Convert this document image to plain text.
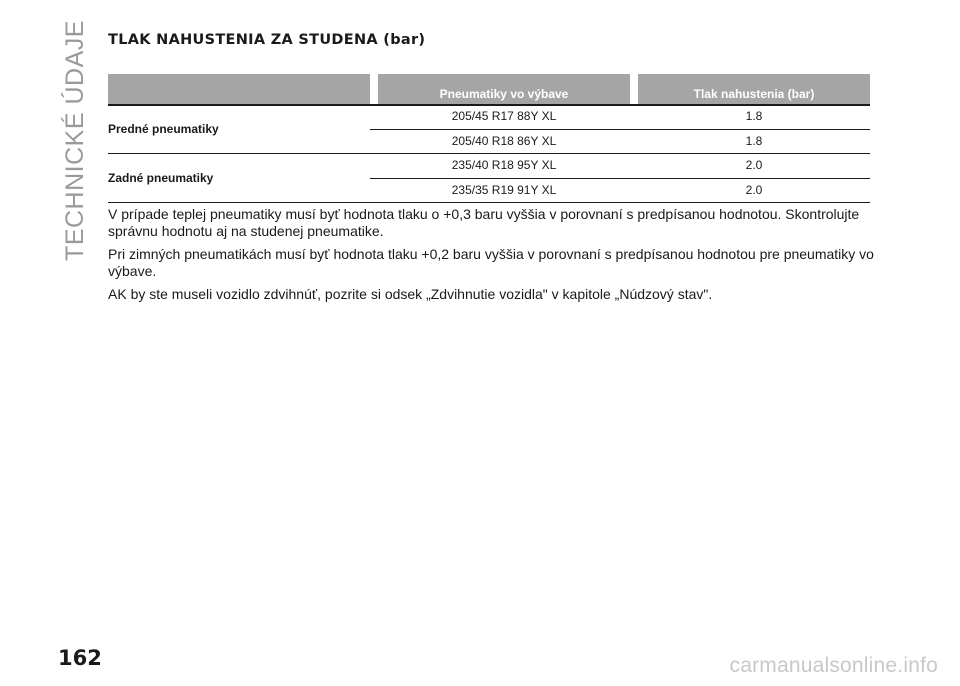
TECHNICKÉ ÚDAJE TLAK NAHUSTENIA ZA STUDENA (bar)
Pneumatiky vo výbave	Tlak nahustenia (bar)
Predné pneumatiky
205/45 R17 88Y XL	1.8
205/40 R18 86Y XL	1.8
Zadné pneumatiky
235/40 R18 95Y XL	2.0
235/35 R19 91Y XL	2.0

V prípade teplej pneumatiky musí byť hodnota tlaku o +0,3 baru vyššia v porovnaní s predpísanou hodnotou. Skontrolujte správnu hodnotu aj na studenej pneumatike.

Pri zimných pneumatikách musí byť hodnota tlaku +0,2 baru vyššia v porovnaní s predpísanou hodnotou pre pneumatiky vo výbave.

AK by ste museli vozidlo zdvihnúť, pozrite si odsek „Zdvihnutie vozidla" v kapitole „Núdzový stav".

162	carmanualsonline.info
